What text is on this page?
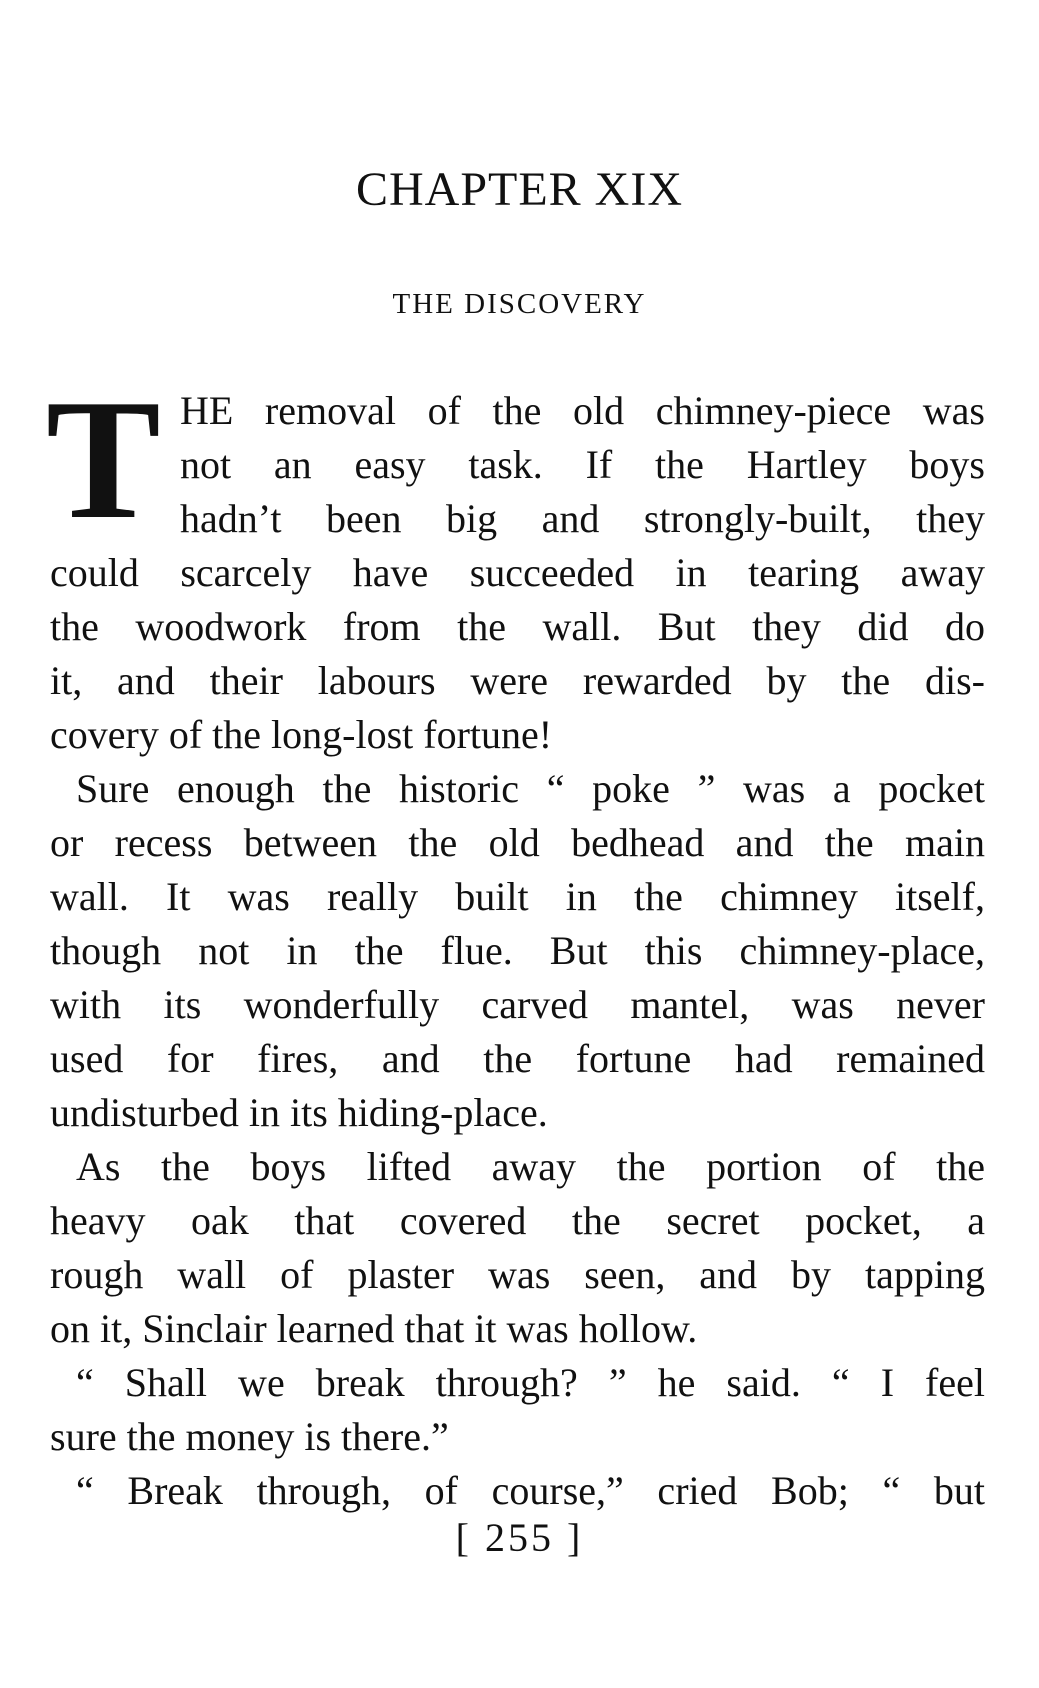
CHAPTER XIX
THE DISCOVERY
T HE removal of the old chimney-piece was
not an easy task. If the Hartley boys
hadn’t been big and strongly-built, they
could scarcely have succeeded in tearing away
the woodwork from the wall. But they did do
it, and their labours were rewarded by the dis-
covery of the long-lost fortune!
Sure enough the historic “ poke ” was a pocket
or recess between the old bedhead and the main
wall. It was really built in the chimney itself,
though not in the flue. But this chimney-place,
with its wonderfully carved mantel, was never
used for fires, and the fortune had remained
undisturbed in its hiding-place.
As the boys lifted away the portion of the
heavy oak that covered the secret pocket, a
rough wall of plaster was seen, and by tapping
on it, Sinclair learned that it was hollow.
“ Shall we break through? ” he said. “ I feel
sure the money is there.”
“ Break through, of course,” cried Bob; “ but
[ 255 ]
